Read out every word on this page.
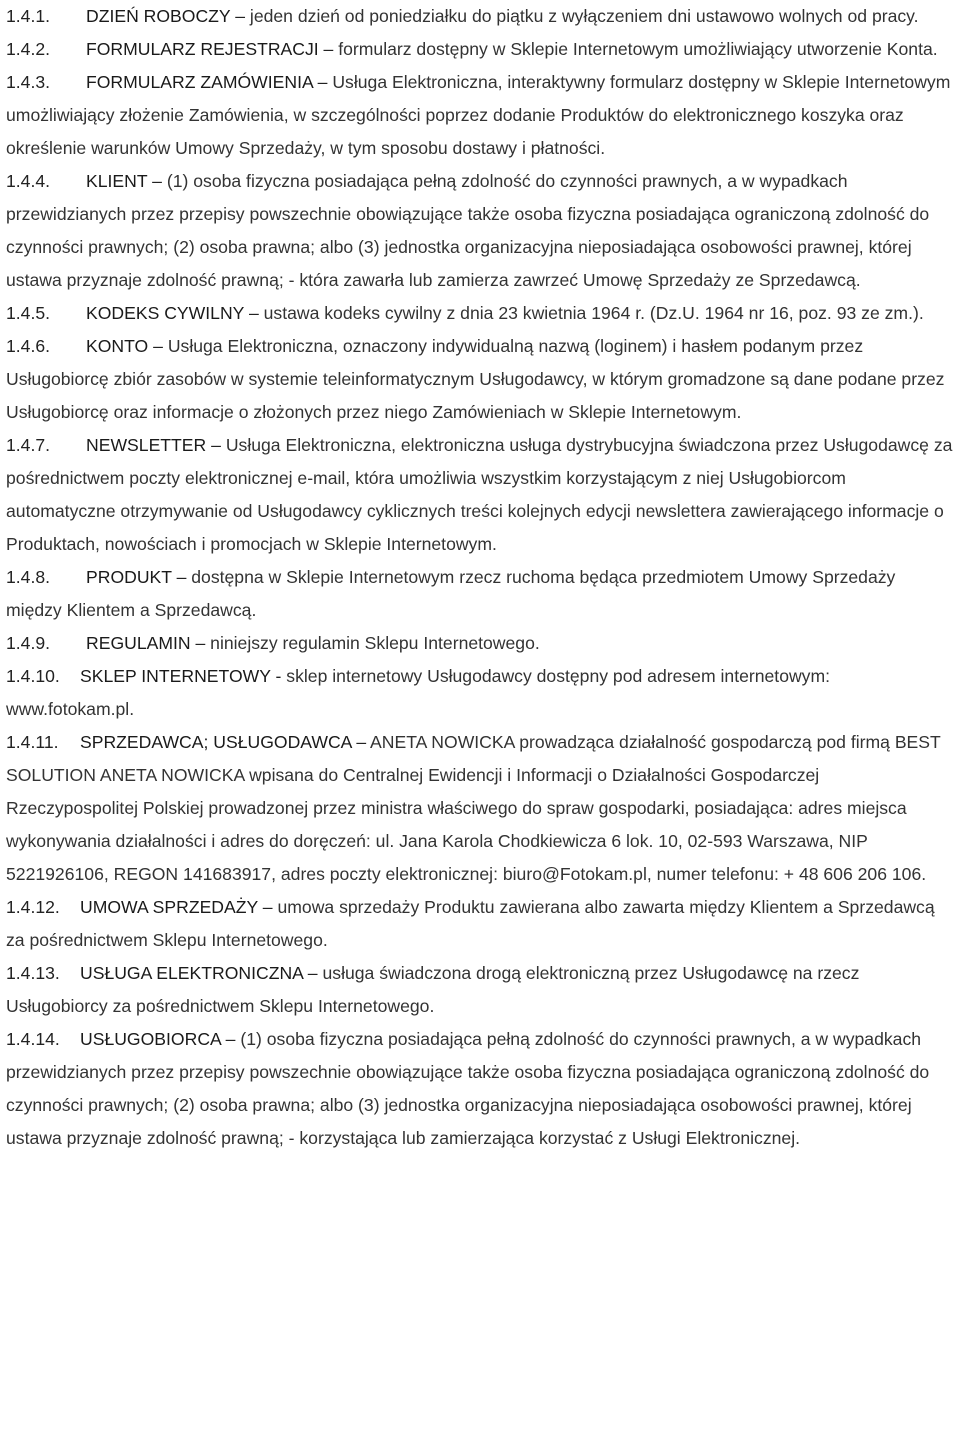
1.4.1. DZIEŃ ROBOCZY – jeden dzień od poniedziałku do piątku z wyłączeniem dni ustawowo wolnych od pracy.

1.4.2. FORMULARZ REJESTRACJI – formularz dostępny w Sklepie Internetowym umożliwiający utworzenie Konta.

1.4.3. FORMULARZ ZAMÓWIENIA – Usługa Elektroniczna, interaktywny formularz dostępny w Sklepie Internetowym umożliwiający złożenie Zamówienia, w szczególności poprzez dodanie Produktów do elektronicznego koszyka oraz określenie warunków Umowy Sprzedaży, w tym sposobu dostawy i płatności.

1.4.4. KLIENT – (1) osoba fizyczna posiadająca pełną zdolność do czynności prawnych, a w wypadkach przewidzianych przez przepisy powszechnie obowiązujące także osoba fizyczna posiadająca ograniczoną zdolność do czynności prawnych; (2) osoba prawna; albo (3) jednostka organizacyjna nieposiadająca osobowości prawnej, której ustawa przyznaje zdolność prawną; - która zawarła lub zamierza zawrzeć Umowę Sprzedaży ze Sprzedawcą.

1.4.5. KODEKS CYWILNY – ustawa kodeks cywilny z dnia 23 kwietnia 1964 r. (Dz.U. 1964 nr 16, poz. 93 ze zm.).

1.4.6. KONTO – Usługa Elektroniczna, oznaczony indywidualną nazwą (loginem) i hasłem podanym przez Usługobiorcę zbiór zasobów w systemie teleinformatycznym Usługodawcy, w którym gromadzone są dane podane przez Usługobiorcę oraz informacje o złożonych przez niego Zamówieniach w Sklepie Internetowym.

1.4.7. NEWSLETTER – Usługa Elektroniczna, elektroniczna usługa dystrybucyjna świadczona przez Usługodawcę za pośrednictwem poczty elektronicznej e-mail, która umożliwia wszystkim korzystającym z niej Usługobiorcom automatyczne otrzymywanie od Usługodawcy cyklicznych treści kolejnych edycji newslettera zawierającego informacje o Produktach, nowościach i promocjach w Sklepie Internetowym.

1.4.8. PRODUKT – dostępna w Sklepie Internetowym rzecz ruchoma będąca przedmiotem Umowy Sprzedaży między Klientem a Sprzedawcą.

1.4.9. REGULAMIN – niniejszy regulamin Sklepu Internetowego.

1.4.10. SKLEP INTERNETOWY - sklep internetowy Usługodawcy dostępny pod adresem internetowym: www.fotokam.pl.

1.4.11. SPRZEDAWCA; USŁUGODAWCA – ANETA NOWICKA prowadząca działalność gospodarczą pod firmą BEST SOLUTION ANETA NOWICKA wpisana do Centralnej Ewidencji i Informacji o Działalności Gospodarczej Rzeczypospolitej Polskiej prowadzonej przez ministra właściwego do spraw gospodarki, posiadająca: adres miejsca wykonywania działalności i adres do doręczeń: ul. Jana Karola Chodkiewicza 6 lok. 10, 02-593 Warszawa, NIP 5221926106, REGON 141683917, adres poczty elektronicznej: biuro@Fotokam.pl, numer telefonu: + 48 606 206 106.

1.4.12. UMOWA SPRZEDAŻY – umowa sprzedaży Produktu zawierana albo zawarta między Klientem a Sprzedawcą za pośrednictwem Sklepu Internetowego.

1.4.13. USŁUGA ELEKTRONICZNA – usługa świadczona drogą elektroniczną przez Usługodawcę na rzecz Usługobiorcy za pośrednictwem Sklepu Internetowego.

1.4.14. USŁUGOBIORCA – (1) osoba fizyczna posiadająca pełną zdolność do czynności prawnych, a w wypadkach przewidzianych przez przepisy powszechnie obowiązujące także osoba fizyczna posiadająca ograniczoną zdolność do czynności prawnych; (2) osoba prawna; albo (3) jednostka organizacyjna nieposiadająca osobowości prawnej, której ustawa przyznaje zdolność prawną; - korzystająca lub zamierzająca korzystać z Usługi Elektronicznej.
